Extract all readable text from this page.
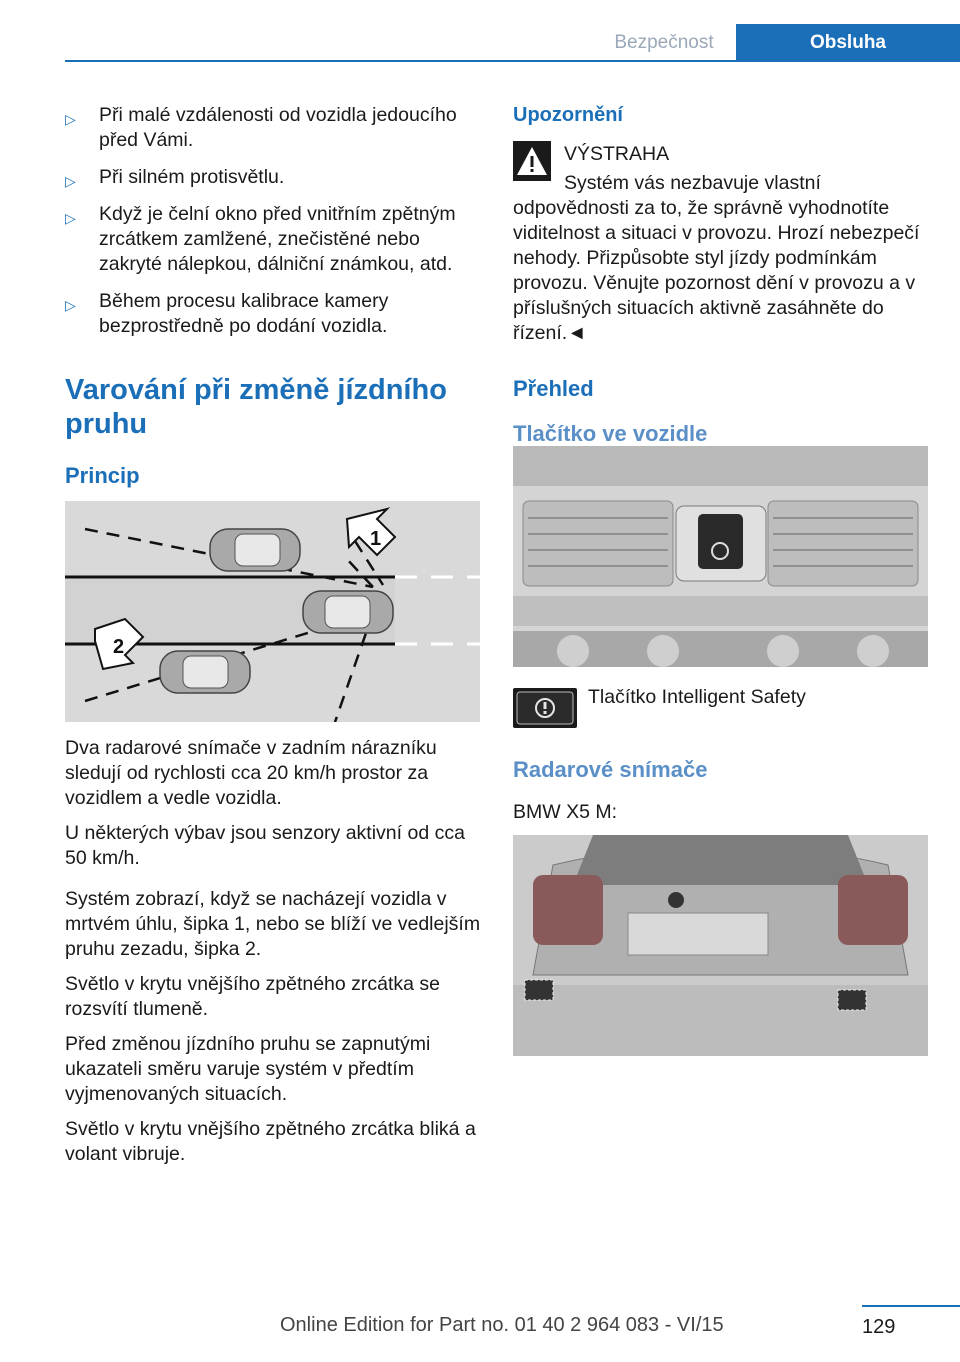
Bezpečnost	Obsluha
▷ Při malé vzdálenosti od vozidla jedoucího před Vámi.
▷ Při silném protisvětlu.
▷ Když je čelní okno před vnitřním zpětným zrcátkem zamlžené, znečistěné nebo zakryté nálepkou, dálniční známkou, atd.
▷ Během procesu kalibrace kamery bezprostředně po dodání vozidla.
Varování při změně jízdního pruhu
Princip
1
2

Dva radarové snímače v zadním nárazníku sledují od rychlosti cca 20 km/h prostor za vozidlem a vedle vozidla.

U některých výbav jsou senzory aktivní od cca 50 km/h.

Systém zobrazí, když se nacházejí vozidla v mrtvém úhlu, šipka 1, nebo se blíží ve vedlejším pruhu zezadu, šipka 2.

Světlo v krytu vnějšího zpětného zrcátka se rozsvítí tlumeně.

Před změnou jízdního pruhu se zapnutými ukazateli směru varuje systém v předtím vyjmenovaných situacích.

Světlo v krytu vnějšího zpětného zrcátka bliká a volant vibruje.

Upozornění
VÝSTRAHA
Systém vás nezbavuje vlastní odpovědnosti za to, že správně vyhodnotíte viditelnost a situaci v provozu. Hrozí nebezpečí nehody. Přizpůsobte styl jízdy podmínkám provozu. Věnujte pozornost dění v provozu a v příslušných situacích aktivně zasáhněte do řízení.◄
Přehled
Tlačítko ve vozidle
Tlačítko Intelligent Safety
Radarové snímače
BMW X5 M:
129
Online Edition for Part no. 01 40 2 964 083 - VI/15
